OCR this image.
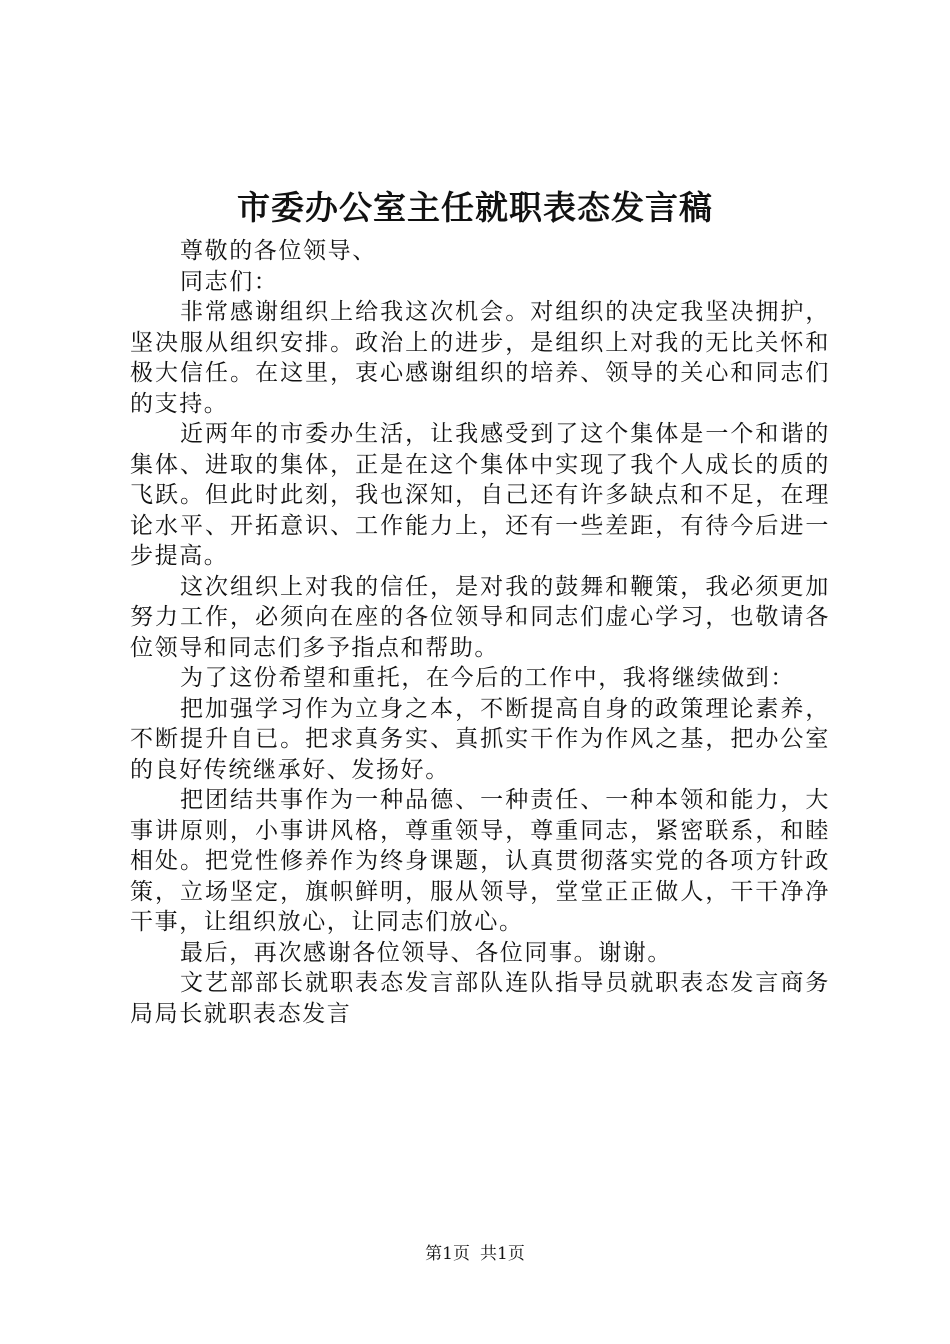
市委办公室主任就职表态发言稿

尊敬的各位领导、

同志们：

非常感谢组织上给我这次机会。对组织的决定我坚决拥护，坚决服从组织安排。政治上的进步，是组织上对我的无比关怀和极大信任。在这里，衷心感谢组织的培养、领导的关心和同志们的支持。

近两年的市委办生活，让我感受到了这个集体是一个和谐的集体、进取的集体，正是在这个集体中实现了我个人成长的质的飞跃。但此时此刻，我也深知，自己还有许多缺点和不足，在理论水平、开拓意识、工作能力上，还有一些差距，有待今后进一步提高。

这次组织上对我的信任，是对我的鼓舞和鞭策，我必须更加努力工作，必须向在座的各位领导和同志们虚心学习，也敬请各位领导和同志们多予指点和帮助。

为了这份希望和重托，在今后的工作中，我将继续做到：

把加强学习作为立身之本，不断提高自身的政策理论素养，不断提升自已。把求真务实、真抓实干作为作风之基，把办公室的良好传统继承好、发扬好。

把团结共事作为一种品德、一种责任、一种本领和能力，大事讲原则，小事讲风格，尊重领导，尊重同志，紧密联系，和睦相处。把党性修养作为终身课题，认真贯彻落实党的各项方针政策，立场坚定，旗帜鲜明，服从领导，堂堂正正做人，干干净净干事，让组织放心，让同志们放心。

最后，再次感谢各位领导、各位同事。谢谢。

文艺部部长就职表态发言部队连队指导员就职表态发言商务局局长就职表态发言

第1页 共1页
